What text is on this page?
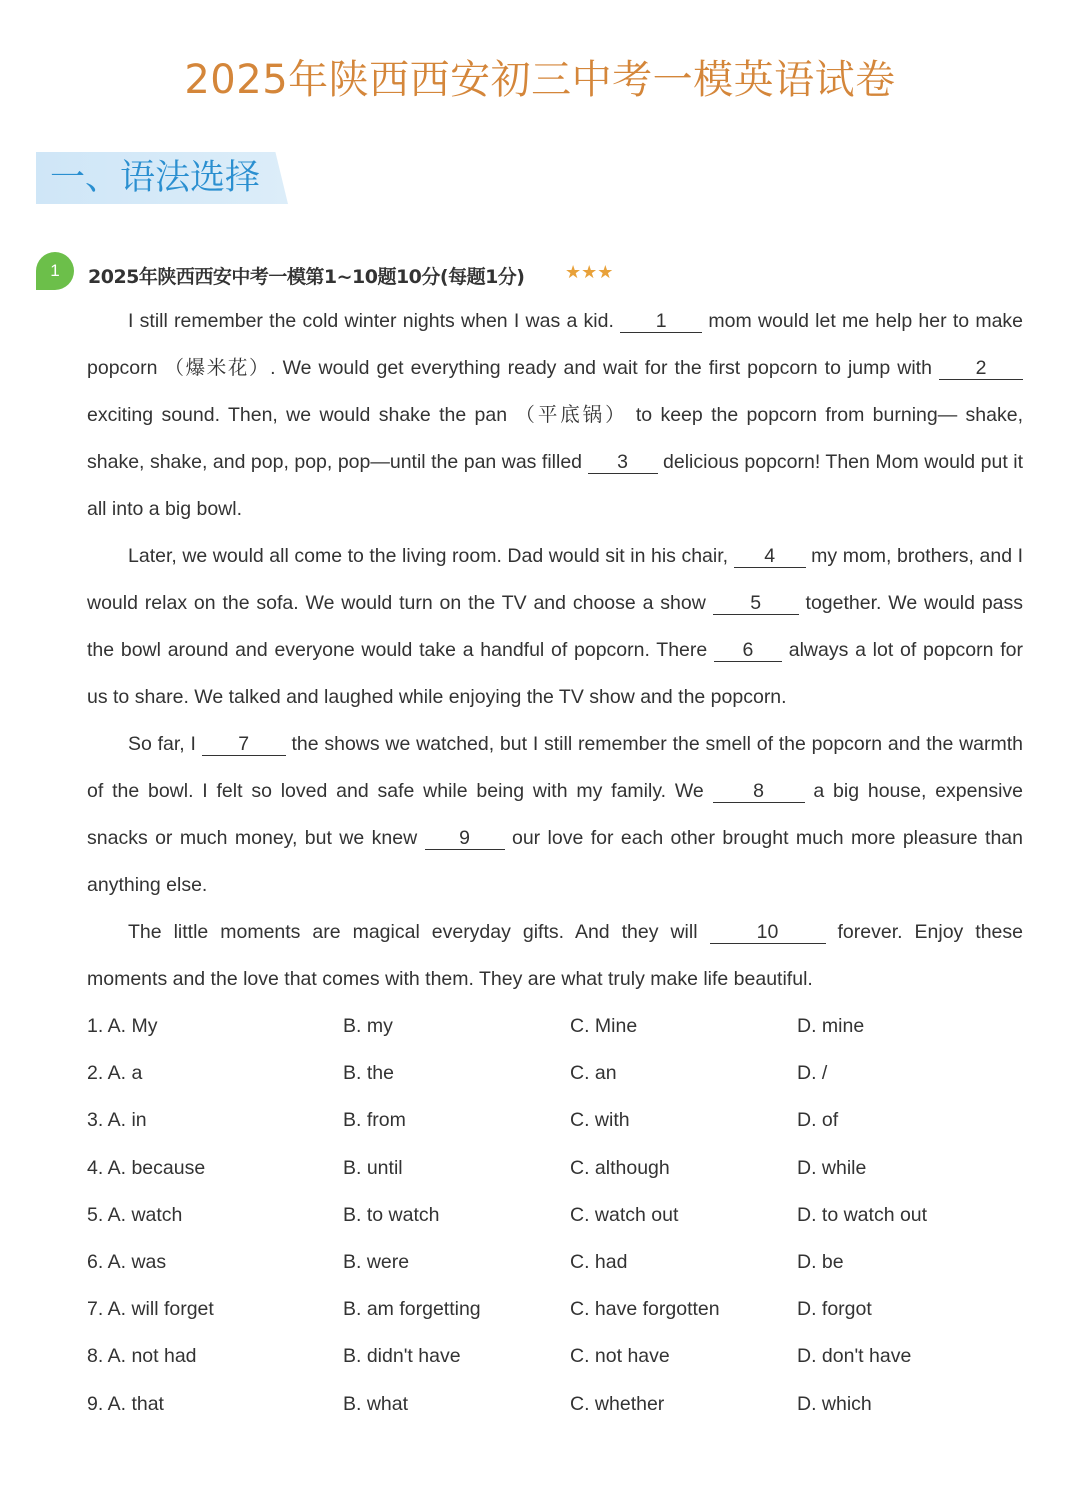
2025年陕西西安初三中考一模英语试卷
一、语法选择
1	2025年陕西西安中考一模第1~10题10分(每题1分) ★★★

I still remember the cold winter nights when I was a kid. 1 mom would let me help her to make popcorn （爆米花）. We would get everything ready and wait for the first popcorn to jump with 2 exciting sound. Then, we would shake the pan （平底锅） to keep the popcorn from burning— shake, shake, shake, and pop, pop, pop—until the pan was filled 3 delicious popcorn! Then Mom would put it all into a big bowl.

Later, we would all come to the living room. Dad would sit in his chair, 4 my mom, brothers, and I would relax on the sofa. We would turn on the TV and choose a show 5 together. We would pass the bowl around and everyone would take a handful of popcorn. There 6 always a lot of popcorn for us to share. We talked and laughed while enjoying the TV show and the popcorn.

So far, I 7 the shows we watched, but I still remember the smell of the popcorn and the warmth of the bowl. I felt so loved and safe while being with my family. We	8	a big house, expensive snacks or much money, but we knew 9 our love for each other brought much more pleasure than anything else.

The little moments are magical everyday gifts. And they will	10	forever. Enjoy these moments and the love that comes with them. They are what truly make life beautiful.

1. A. My	B. my	C. Mine	D. mine
2. A. a	B. the	C. an	D. /
3. A. in	B. from	C. with	D. of
4. A. because	B. until	C. although	D. while
5. A. watch	B. to watch	C. watch out	D. to watch out
6. A. was	B. were	C. had	D. be
7. A. will forget	B. am forgetting	C. have forgotten	D. forgot
8. A. not had	B. didn't have	C. not have	D. don't have
9. A. that	B. what	C. whether	D. which
